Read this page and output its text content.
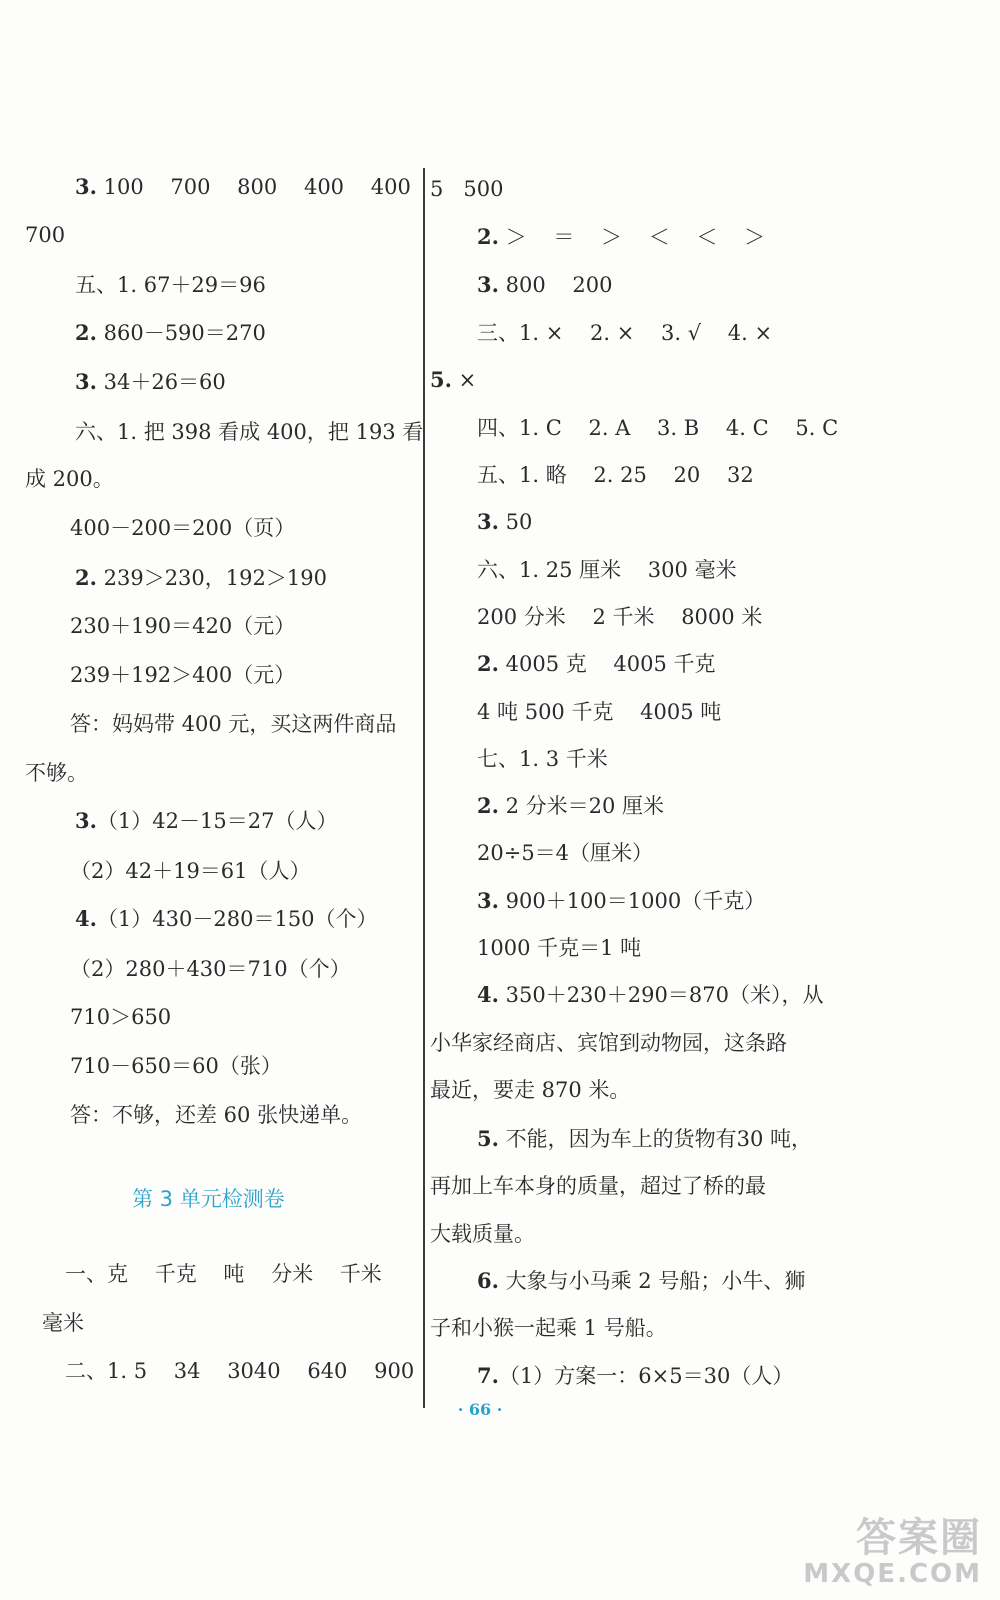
3. 100    700    800    400    400
700
五、1. 67＋29＝96
2. 860－590＝270
3. 34＋26＝60
六、1. 把 398 看成 400，把 193 看
成 200。
400－200＝200（页）
2. 239＞230，192＞190
230＋190＝420（元）
239＋192＞400（元）
答：妈妈带 400 元，买这两件商品
不够。
3.（1）42－15＝27（人）
（2）42＋19＝61（人）
4.（1）430－280＝150（个）
（2）280＋430＝710（个）
710＞650
710－650＝60（张）
答：不够，还差 60 张快递单。
第 3 单元检测卷
一、克    千克    吨    分米    千米
毫米
二、1. 5    34    3040    640    900
5   500
2. ＞    ＝    ＞    ＜    ＜    ＞
3. 800    200
三、1. ×    2. ×    3. √    4. ×
5. ×
四、1. C    2. A    3. B    4. C    5. C
五、1. 略    2. 25    20    32
3. 50
六、1. 25 厘米    300 毫米
200 分米    2 千米    8000 米
2. 4005 克    4005 千克
4 吨 500 千克    4005 吨
七、1. 3 千米
2. 2 分米＝20 厘米
20÷5＝4（厘米）
3. 900＋100＝1000（千克）
1000 千克＝1 吨
4. 350＋230＋290＝870（米），从
小华家经商店、宾馆到动物园，这条路
最近，要走 870 米。
5. 不能，因为车上的货物有30 吨，
再加上车本身的质量，超过了桥的最
大载质量。
6. 大象与小马乘 2 号船；小牛、狮
子和小猴一起乘 1 号船。
7.（1）方案一：6×5＝30（人）
· 66 ·
答案圈
MXQE.COM
